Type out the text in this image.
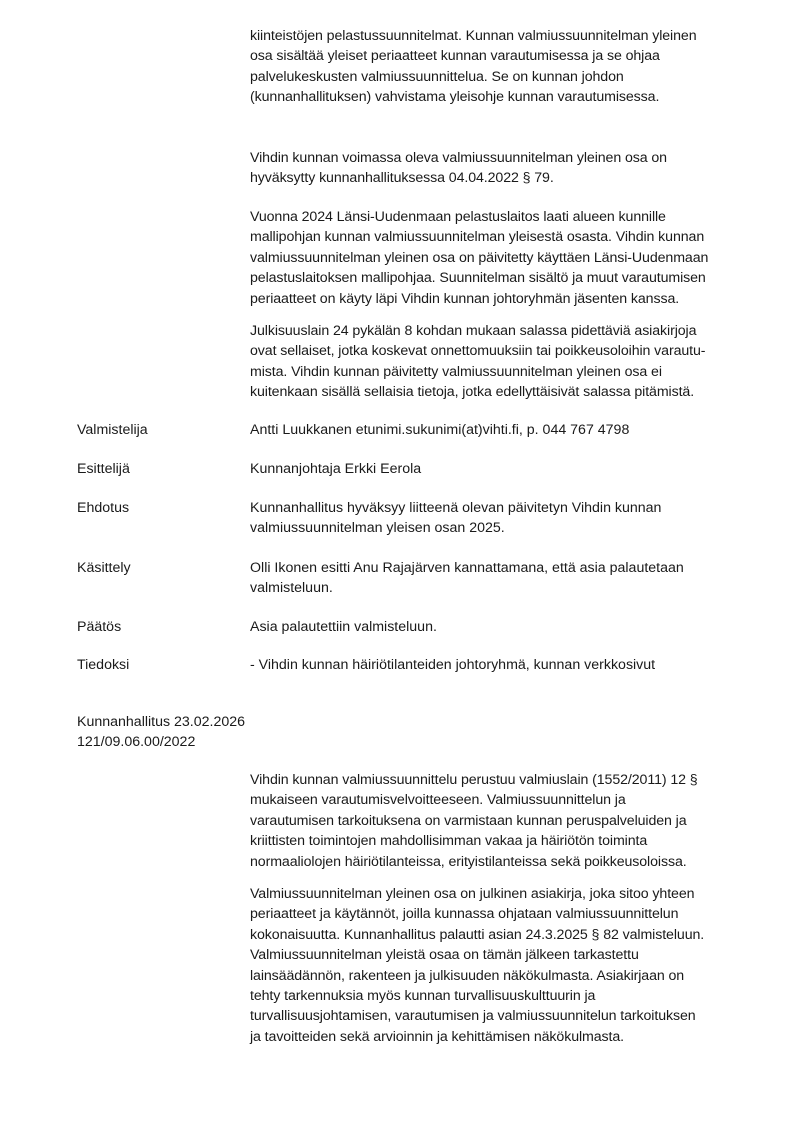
kiinteistöjen pelastussuunnitelmat. Kunnan valmiussuunnitelman yleinen
osa sisältää yleiset periaatteet kunnan varautumisessa ja se ohjaa
palvelukeskusten valmiussuunnittelua. Se on kunnan johdon
(kunnanhallituksen) vahvistama yleisohje kunnan varautumisessa.
Vihdin kunnan voimassa oleva valmiussuunnitelman yleinen osa on
hyväksytty kunnanhallituksessa 04.04.2022 § 79.
Vuonna 2024 Länsi-Uudenmaan pelastuslaitos laati alueen kunnille
mallipohjan kunnan valmiussuunnitelman yleisestä osasta. Vihdin kunnan
valmiussuunnitelman yleinen osa on päivitetty käyttäen Länsi-Uudenmaan
pelastuslaitoksen mallipohjaa. Suunnitelman sisältö ja muut varautumisen
periaatteet on käyty läpi Vihdin kunnan johtoryhmän jäsenten kanssa.
Julkisuuslain 24 pykälän 8 kohdan mukaan salassa pidettäviä asiakirjoja
ovat sellaiset, jotka koskevat onnettomuuksiin tai poikkeusoloihin varautu-
mista. Vihdin kunnan päivitetty valmiussuunnitelman yleinen osa ei
kuitenkaan sisällä sellaisia tietoja, jotka edellyttäisivät salassa pitämistä.
Valmistelija	Antti Luukkanen etunimi.sukunimi(at)vihti.fi, p. 044 767 4798
Esittelijä	Kunnanjohtaja Erkki Eerola
Ehdotus	Kunnanhallitus hyväksyy liitteenä olevan päivitetyn Vihdin kunnan
valmiussuunnitelman yleisen osan 2025.
Käsittely	Olli Ikonen esitti Anu Rajajärven kannattamana, että asia palautetaan
valmisteluun.
Päätös	Asia palautettiin valmisteluun.
Tiedoksi	- Vihdin kunnan häiriötilanteiden johtoryhmä, kunnan verkkosivut
Kunnanhallitus 23.02.2026
121/09.06.00/2022
Vihdin kunnan valmiussuunnittelu perustuu valmiuslain (1552/2011) 12 §
mukaiseen varautumisvelvoitteeseen. Valmiussuunnittelun ja
varautumisen tarkoituksena on varmistaan kunnan peruspalveluiden ja
kriittisten toimintojen mahdollisimman vakaa ja häiriötön toiminta
normaaliolojen häiriötilanteissa, erityistilanteissa sekä poikkeusoloissa.
Valmiussuunnitelman yleinen osa on julkinen asiakirja, joka sitoo yhteen
periaatteet ja käytännöt, joilla kunnassa ohjataan valmiussuunnittelun
kokonaisuutta. Kunnanhallitus palautti asian 24.3.2025 § 82 valmisteluun.
Valmiussuunnitelman yleistä osaa on tämän jälkeen tarkastettu
lainsäädännön, rakenteen ja julkisuuden näkökulmasta. Asiakirjaan on
tehty tarkennuksia myös kunnan turvallisuuskulttuurin ja
turvallisuusjohtamisen, varautumisen ja valmiussuunnitelun tarkoituksen
ja tavoitteiden sekä arvioinnin ja kehittämisen näkökulmasta.
